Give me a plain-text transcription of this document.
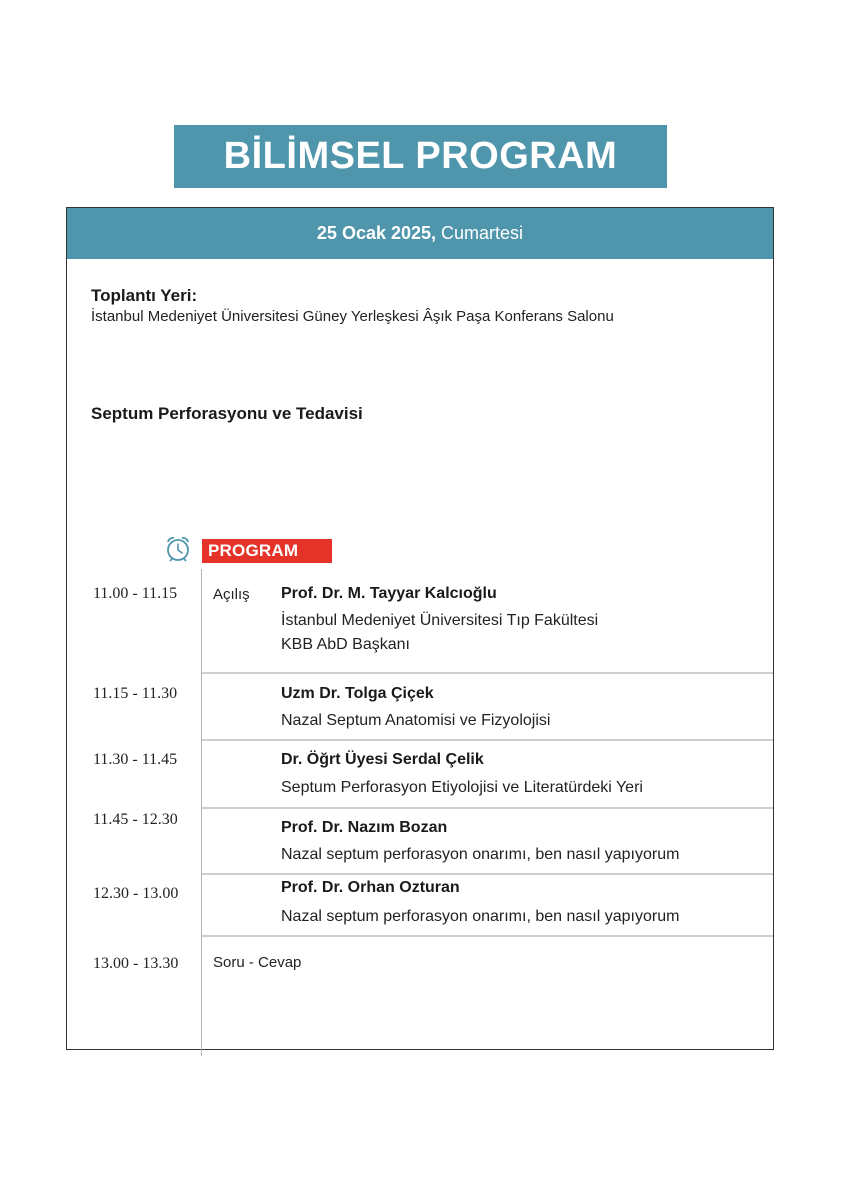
BİLİMSEL PROGRAM
25 Ocak 2025, Cumartesi
Toplantı Yeri:
İstanbul Medeniyet Üniversitesi Güney Yerleşkesi Âşık Paşa Konferans Salonu
Septum Perforasyonu ve Tedavisi
PROGRAM
11.00 - 11.15 Açılış Prof. Dr. M. Tayyar Kalcıoğlu
İstanbul Medeniyet Üniversitesi Tıp Fakültesi
KBB AbD Başkanı
11.15 - 11.30	Uzm Dr. Tolga Çiçek
Nazal Septum Anatomisi ve Fizyolojisi
11.30 - 11.45	Dr. Öğrt Üyesi Serdal Çelik
Septum Perforasyon Etiyolojisi ve Literatürdeki Yeri
11.45 - 12.30	Prof. Dr. Nazım Bozan
Nazal septum perforasyon onarımı, ben nasıl yapıyorum
12.30 - 13.00	Prof. Dr. Orhan Ozturan
Nazal septum perforasyon onarımı, ben nasıl yapıyorum
13.00 - 13.30 Soru - Cevap
